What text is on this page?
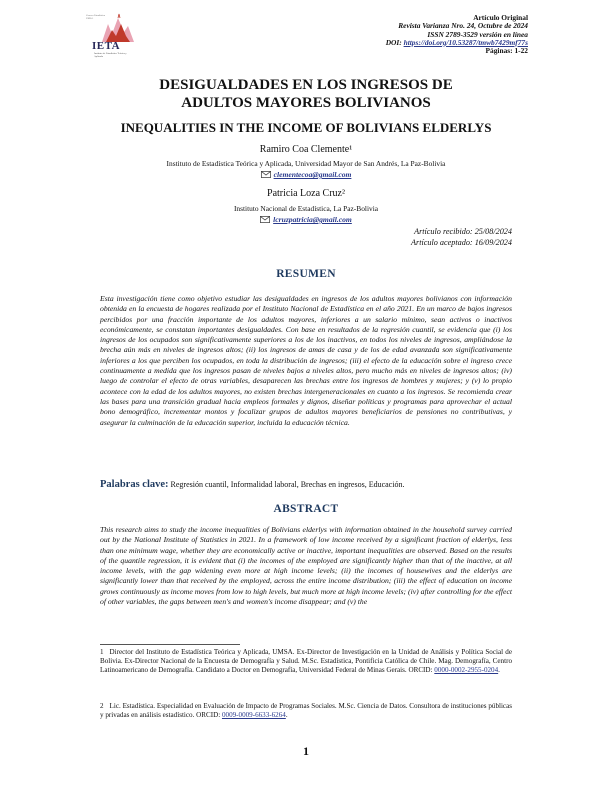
Carrera Estadística UMSA
IETA
Instituto de Estadística Teórica y Aplicada
Artículo Original
Revista Varianza Nro. 24, Octubre de 2024
ISSN 2789-3529 versión en línea
DOI: https://doi.org/10.53287/tmwb7429mf77s
Páginas: 1-22
DESIGUALDADES EN LOS INGRESOS DE
ADULTOS MAYORES BOLIVIANOS
INEQUALITIES IN THE INCOME OF BOLIVIANS ELDERLYS
Ramiro Coa Clemente¹
Instituto de Estadística Teórica y Aplicada, Universidad Mayor de San Andrés, La Paz-Bolivia
clementecoa@gmail.com
Patricia Loza Cruz²
Instituto Nacional de Estadística, La Paz-Bolivia
lcruzpatricia@gmail.com
Artículo recibido: 25/08/2024
Artículo aceptado: 16/09/2024
RESUMEN
Esta investigación tiene como objetivo estudiar las desigualdades en ingresos de los adultos mayores bolivianos con información obtenida en la encuesta de hogares realizada por el Instituto Nacional de Estadística en el año 2021. En un marco de bajos ingresos percibidos por una fracción importante de los adultos mayores, inferiores a un salario mínimo, sean activos o inactivos económicamente, se constatan importantes desigualdades. Con base en resultados de la regresión cuantil, se evidencia que (i) los ingresos de los ocupados son significativamente superiores a los de los inactivos, en todos los niveles de ingresos, ampliándose la brecha aún más en niveles de ingresos altos; (ii) los ingresos de amas de casa y de los de edad avanzada son significativamente inferiores a los que perciben los ocupados, en toda la distribución de ingresos; (iii) el efecto de la educación sobre el ingreso crece continuamente a medida que los ingresos pasan de niveles bajos a niveles altos, pero mucho más en niveles de ingresos altos; (iv) luego de controlar el efecto de otras variables, desaparecen las brechas entre los ingresos de hombres y mujeres; y (v) lo propio acontece con la edad de los adultos mayores, no existen brechas intergeneracionales en cuanto a los ingresos. Se recomienda crear las bases para una transición gradual hacia empleos formales y dignos, diseñar políticas y programas para aprovechar el actual bono demográfico, incrementar montos y focalizar grupos de adultos mayores beneficiarios de pensiones no contributivas, y asegurar la culminación de la educación superior, incluida la educación técnica.
Palabras clave: Regresión cuantil, Informalidad laboral, Brechas en ingresos, Educación.
ABSTRACT
This research aims to study the income inequalities of Bolivians elderlys with information obtained in the household survey carried out by the National Institute of Statistics in 2021. In a framework of low income received by a significant fraction of elderlys, less than one minimum wage, whether they are economically active or inactive, important inequalities are observed. Based on the results of the quantile regression, it is evident that (i) the incomes of the employed are significantly higher than that of the inactive, at all income levels, with the gap widening even more at high income levels; (ii) the incomes of housewives and the elderlys are significantly lower than that received by the employed, across the entire income distribution; (iii) the effect of education on income grows continuously as income moves from low to high levels, but much more at high income levels; (iv) after controlling for the effect of other variables, the gaps between men's and women's income disappear; and (v) the
1 Director del Instituto de Estadística Teórica y Aplicada, UMSA. Ex-Director de Investigación en la Unidad de Análisis y Política Social de Bolivia. Ex-Director Nacional de la Encuesta de Demografía y Salud. M.Sc. Estadística, Pontificia Católica de Chile. Mag. Demografía, Centro Latinoamericano de Demografía. Candidato a Doctor en Demografía, Universidad Federal de Minas Gerais. ORCID: 0000-0002-2955-0204.
2 Lic. Estadística. Especialidad en Evaluación de Impacto de Programas Sociales. M.Sc. Ciencia de Datos. Consultora de instituciones públicas y privadas en análisis estadístico. ORCID: 0009-0009-6633-6264.
1
